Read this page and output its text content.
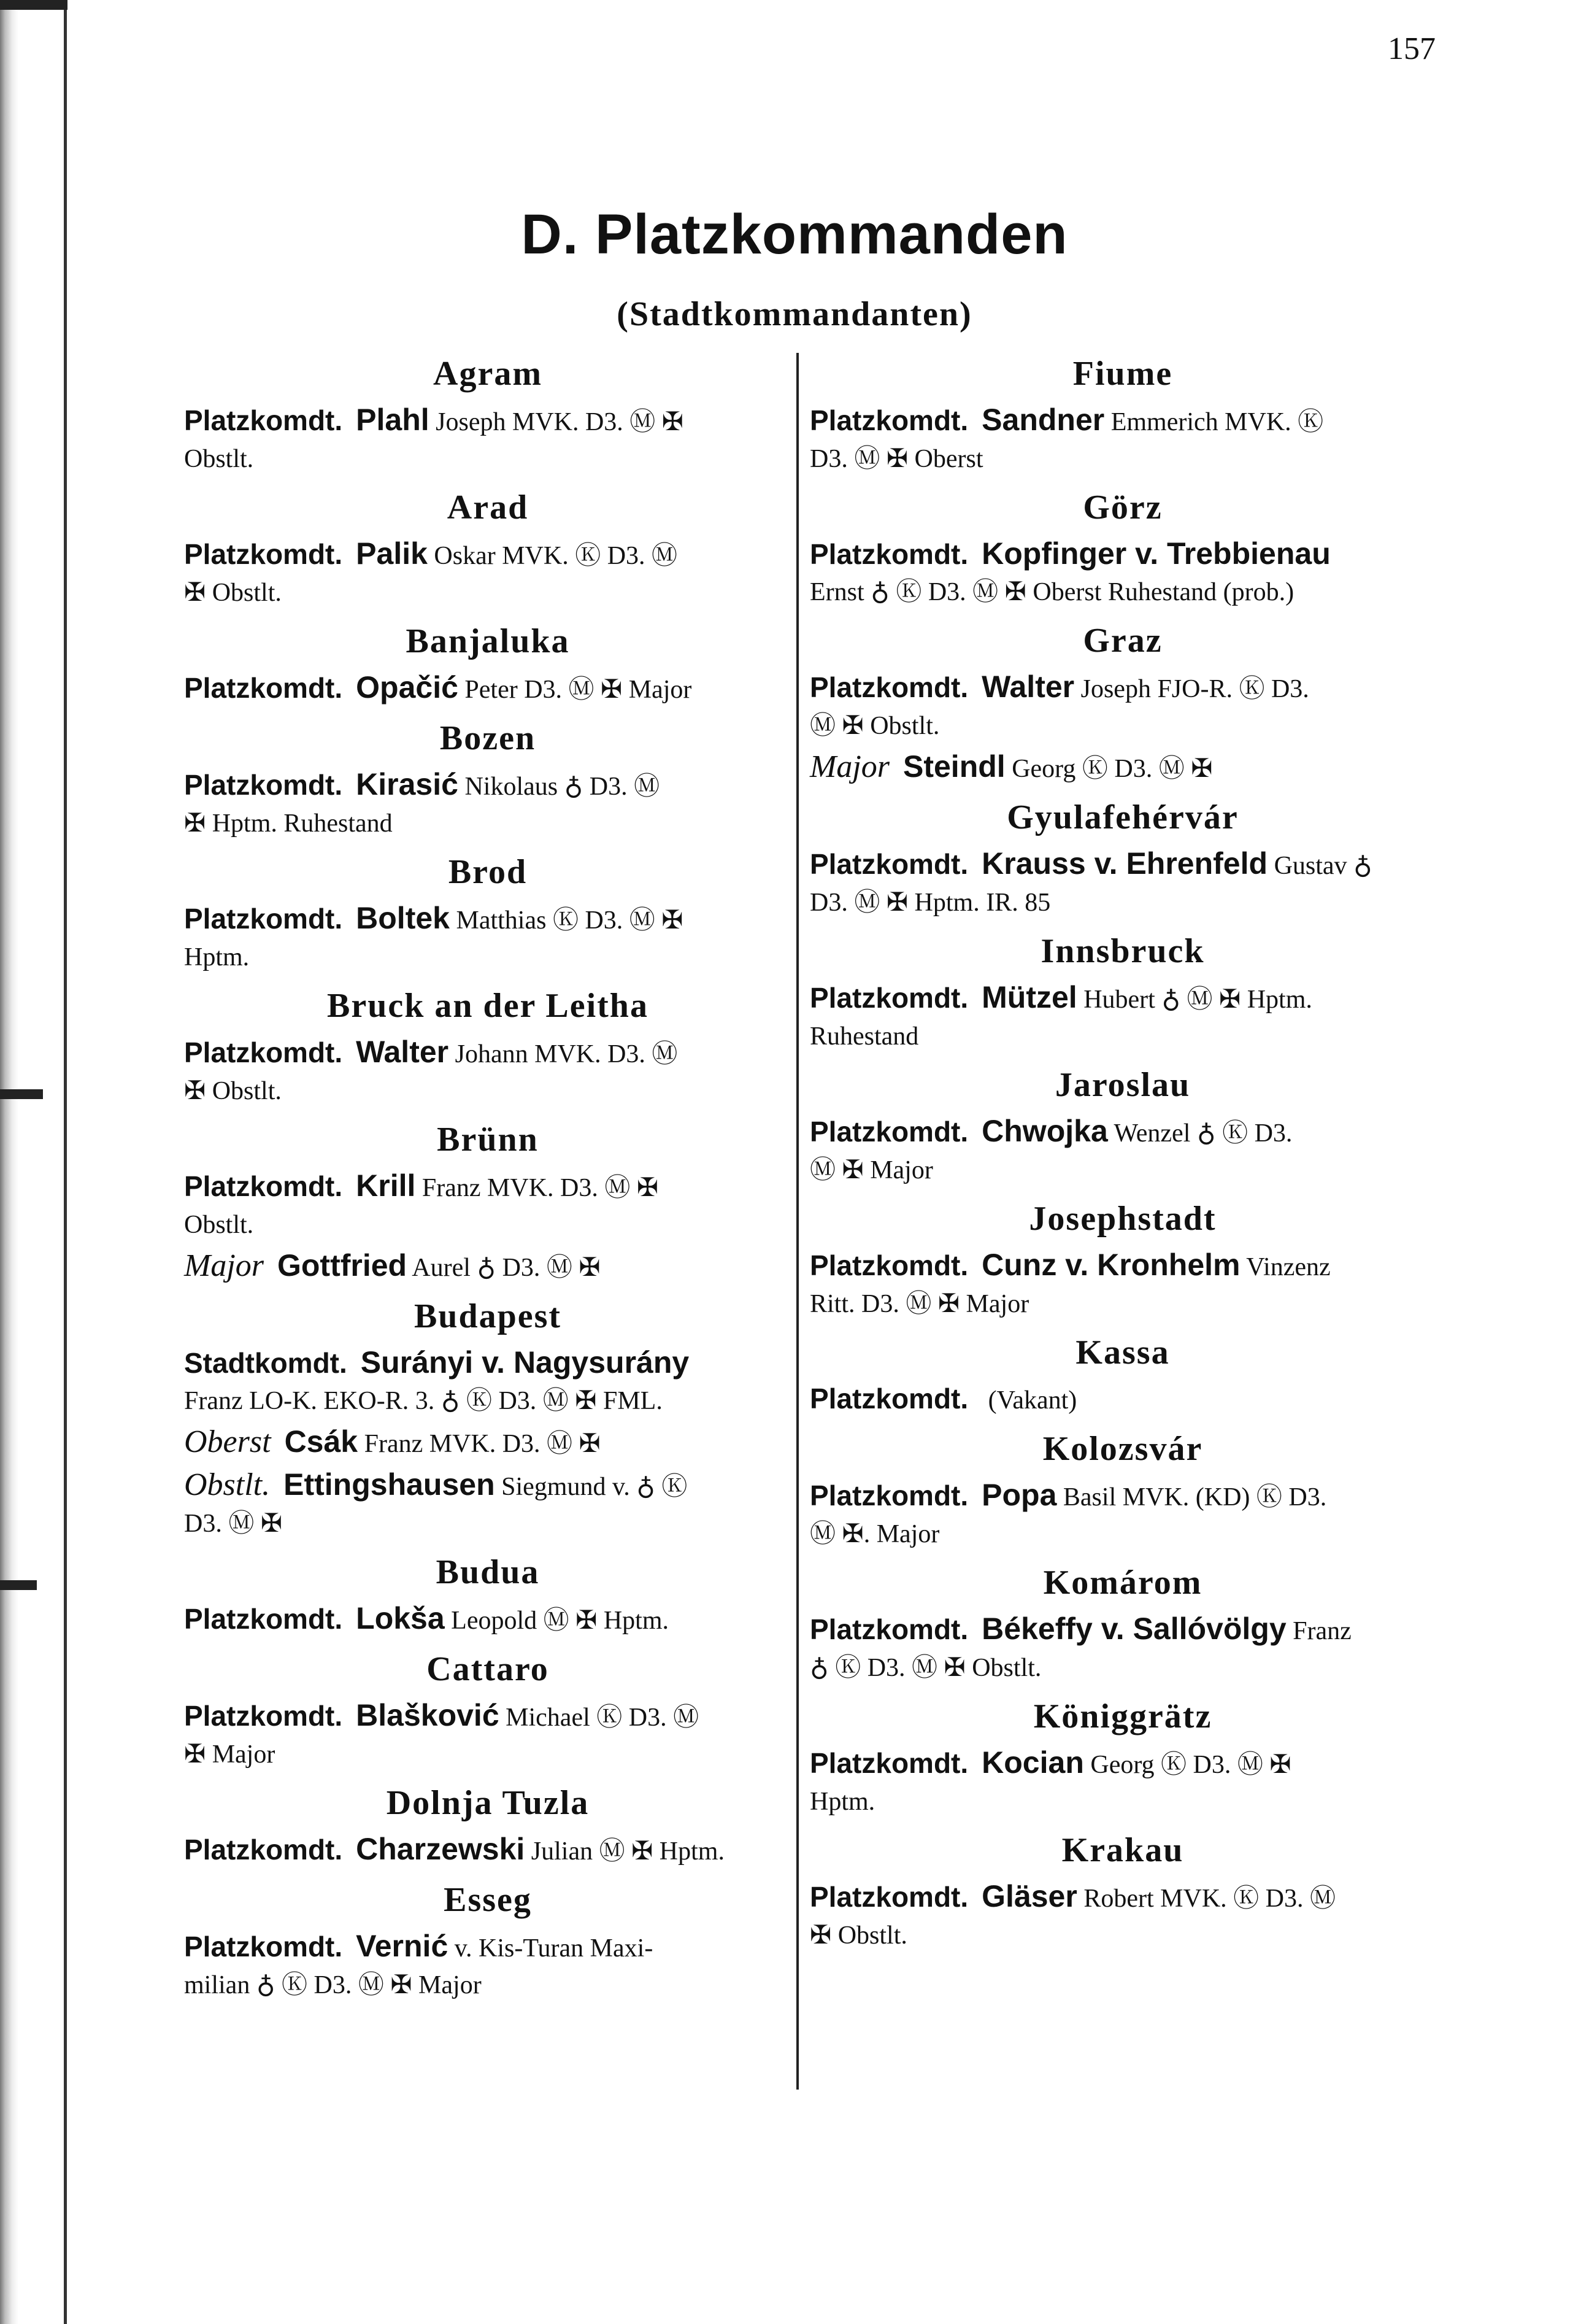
157
D. Platzkommanden
(Stadtkommandanten)
Agram
Platzkomdt. Plahl Joseph MVK. D3. Ⓜ ✠
Obstlt.
Arad
Platzkomdt. Palik Oskar MVK. Ⓚ D3. Ⓜ
✠ Obstlt.
Banjaluka
Platzkomdt. Opačić Peter D3. Ⓜ ✠ Major
Bozen
Platzkomdt. Kirasić Nikolaus ♁ D3. Ⓜ
✠ Hptm. Ruhestand
Brod
Platzkomdt. Boltek Matthias Ⓚ D3. Ⓜ ✠
Hptm.
Bruck an der Leitha
Platzkomdt. Walter Johann MVK. D3. Ⓜ
✠ Obstlt.
Brünn
Platzkomdt. Krill Franz MVK. D3. Ⓜ ✠
Obstlt.
Major Gottfried Aurel ♁ D3. Ⓜ ✠
Budapest
Stadtkomdt. Surányi v. Nagysurány
Franz LO-K. EKO-R. 3. ♁ Ⓚ D3. Ⓜ ✠ FML.
Oberst Csák Franz MVK. D3. Ⓜ ✠
Obstlt. Ettingshausen Siegmund v. ♁ Ⓚ
D3. Ⓜ ✠
Budua
Platzkomdt. Lokša Leopold Ⓜ ✠ Hptm.
Cattaro
Platzkomdt. Blašković Michael Ⓚ D3. Ⓜ
✠ Major
Dolnja Tuzla
Platzkomdt. Charzewski Julian Ⓜ ✠ Hptm.
Esseg
Platzkomdt. Vernić v. Kis-Turan Maxi-
milian ♁ Ⓚ D3. Ⓜ ✠ Major
Fiume
Platzkomdt. Sandner Emmerich MVK. Ⓚ
D3. Ⓜ ✠ Oberst
Görz
Platzkomdt. Kopfinger v. Trebbienau
Ernst ♁ Ⓚ D3. Ⓜ ✠ Oberst Ruhestand (prob.)
Graz
Platzkomdt. Walter Joseph FJO-R. Ⓚ D3.
Ⓜ ✠ Obstlt.
Major Steindl Georg Ⓚ D3. Ⓜ ✠
Gyulafehérvár
Platzkomdt. Krauss v. Ehrenfeld Gustav ♁
D3. Ⓜ ✠ Hptm. IR. 85
Innsbruck
Platzkomdt. Mützel Hubert ♁ Ⓜ ✠ Hptm.
Ruhestand
Jaroslau
Platzkomdt. Chwojka Wenzel ♁ Ⓚ D3.
Ⓜ ✠ Major
Josephstadt
Platzkomdt. Cunz v. Kronhelm Vinzenz
Ritt. D3. Ⓜ ✠ Major
Kassa
Platzkomdt. (Vakant)
Kolozsvár
Platzkomdt. Popa Basil MVK. (KD) Ⓚ D3.
Ⓜ ✠. Major
Komárom
Platzkomdt. Békeffy v. Sallóvölgy Franz
♁ Ⓚ D3. Ⓜ ✠ Obstlt.
Königgrätz
Platzkomdt. Kocian Georg Ⓚ D3. Ⓜ ✠
Hptm.
Krakau
Platzkomdt. Gläser Robert MVK. Ⓚ D3. Ⓜ
✠ Obstlt.
